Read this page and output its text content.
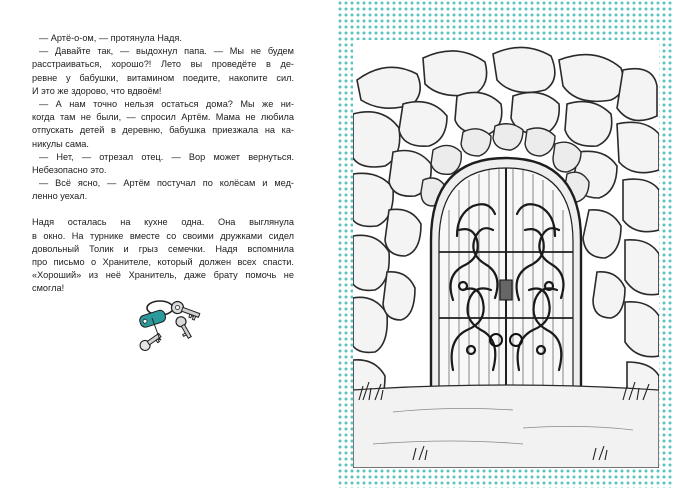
— Артё-о-ом, — протянула Надя.
— Давайте так, — выдохнул папа. — Мы не будем
расстраиваться, хорошо?! Лето вы проведёте в де-
ревне у бабушки, витамином поедите, накопите сил.
И это же здорово, что вдвоём!
— А нам точно нельзя остаться дома? Мы же ни-
когда там не были, — спросил Артём. Мама не любила
отпускать детей в деревню, бабушка приезжала на ка-
никулы сама.
— Нет, — отрезал отец. — Вор может вернуться.
Небезопасно это.
— Всё ясно, — Артём постучал по колёсам и мед-
ленно уехал.
Надя осталась на кухне одна. Она выглянула
в окно. На турнике вместе со своими дружками сидел
довольный Толик и грыз семечки. Надя вспомнила
про письмо о Хранителе, который должен всех спасти.
«Хороший» из неё Хранитель, даже брату помочь не
смогла!
